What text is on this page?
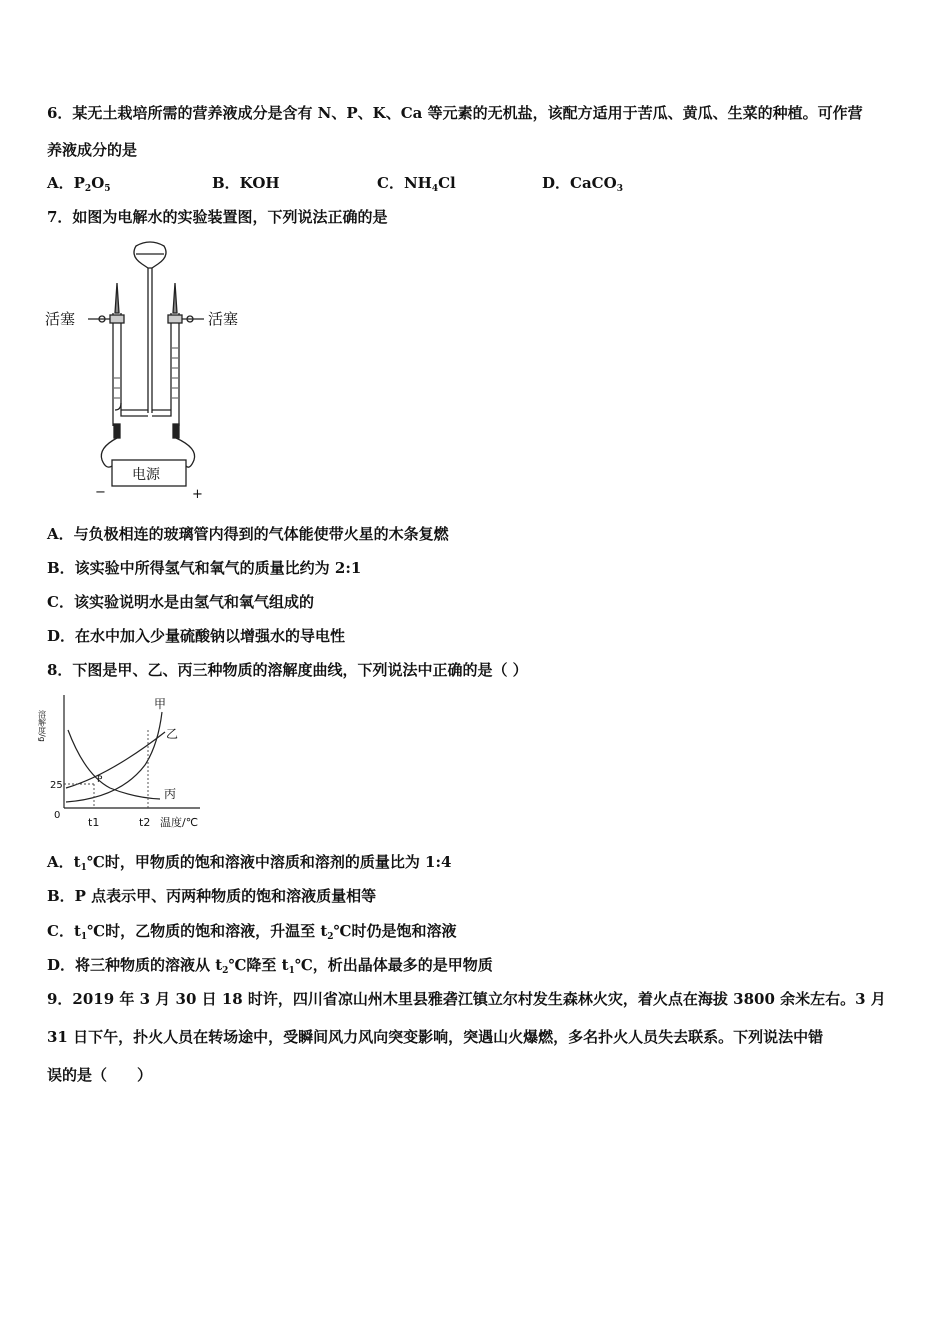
6．某无土栽培所需的营养液成分是含有 N、P、K、Ca 等元素的无机盐，该配方适用于苦瓜、黄瓜、生菜的种植。可作营
养液成分的是
A．$P_2O_5$	B．KOH	C．$NH_4Cl$	D．CaCO$_3$
7．如图为电解水的实验装置图，下列说法正确的是
活塞	活塞
电源
−	+
A．与负极相连的玻璃管内得到的气体能使带火星的木条复燃
B．该实验中所得氢气和氧气的质量比约为 2:1
C．该实验说明水是由氢气和氧气组成的
D．在水中加入少量硫酸钠以增强水的导电性
8．下图是甲、乙、丙三种物质的溶解度曲线，下列说法中正确的是（ ）
溶解度/g
25
0
t1	t2 温度/℃
P
甲
乙
丙
A．$t_1℃$时，甲物质的饱和溶液中溶质和溶剂的质量比为 1:4
B．P 点表示甲、丙两种物质的饱和溶液质量相等
C．$t_1℃$时，乙物质的饱和溶液，升温至 $t_2℃$时仍是饱和溶液
D．将三种物质的溶液从 $t_2℃$降至 $t_1℃$，析出晶体最多的是甲物质
9．2019 年 3 月 30 日 18 时许，四川省凉山州木里县雅砻江镇立尔村发生森林火灾，着火点在海拔 3800 余米左右。3 月
31 日下午，扑火人员在转场途中，受瞬间风力风向突变影响，突遇山火爆燃，多名扑火人员失去联系。下列说法中错
误的是（　　）
